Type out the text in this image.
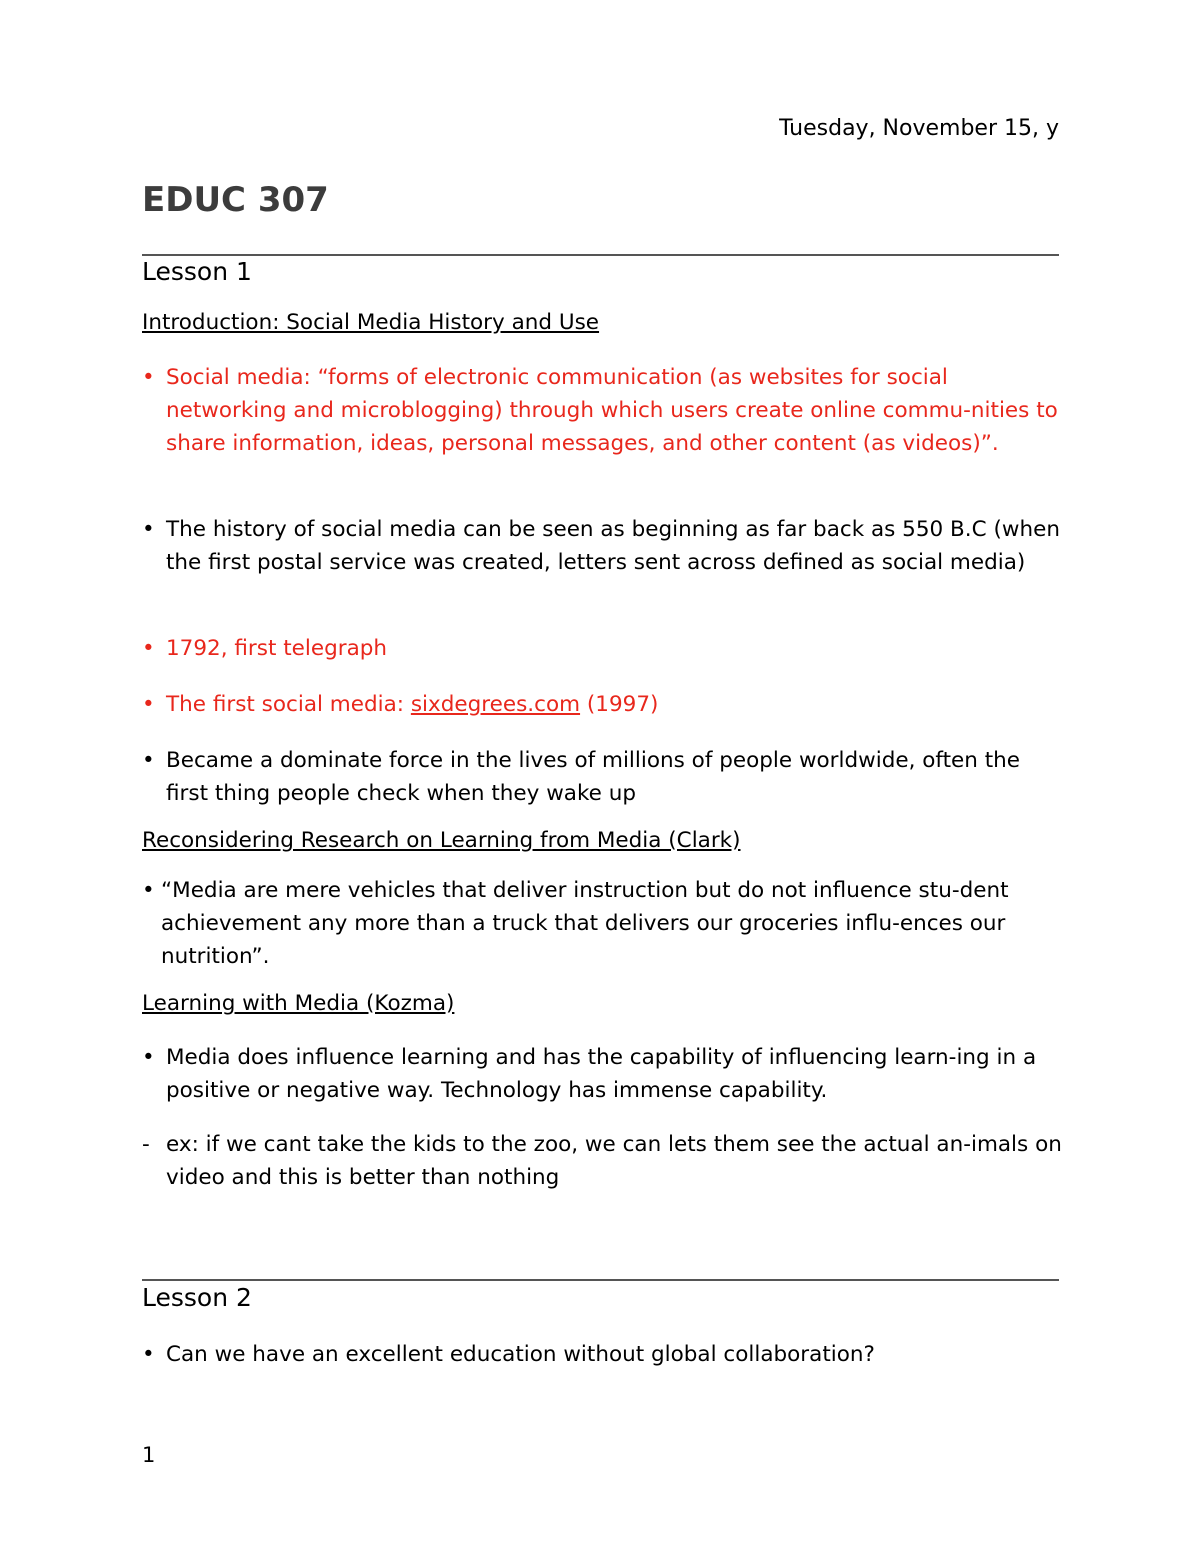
Tuesday, November 15, y
EDUC 307
Lesson 1
Introduction: Social Media History and Use
• Social media: “forms of electronic communication (as websites for social networking and microblogging) through which users create online commu-nities to share information, ideas, personal messages, and other content (as videos)”.
• The history of social media can be seen as beginning as far back as 550 B.C (when the first postal service was created, letters sent across defined as social media)
• 1792, first telegraph
• The first social media: sixdegrees.com (1997)
• Became a dominate force in the lives of millions of people worldwide, often the first thing people check when they wake up
Reconsidering Research on Learning from Media (Clark)
• “Media are mere vehicles that deliver instruction but do not influence stu-dent achievement any more than a truck that delivers our groceries influ-ences our nutrition”.
Learning with Media (Kozma)
• Media does influence learning and has the capability of influencing learn-ing in a positive or negative way. Technology has immense capability.
- ex: if we cant take the kids to the zoo, we can lets them see the actual an-imals on video and this is better than nothing
Lesson 2
• Can we have an excellent education without global collaboration?
1
